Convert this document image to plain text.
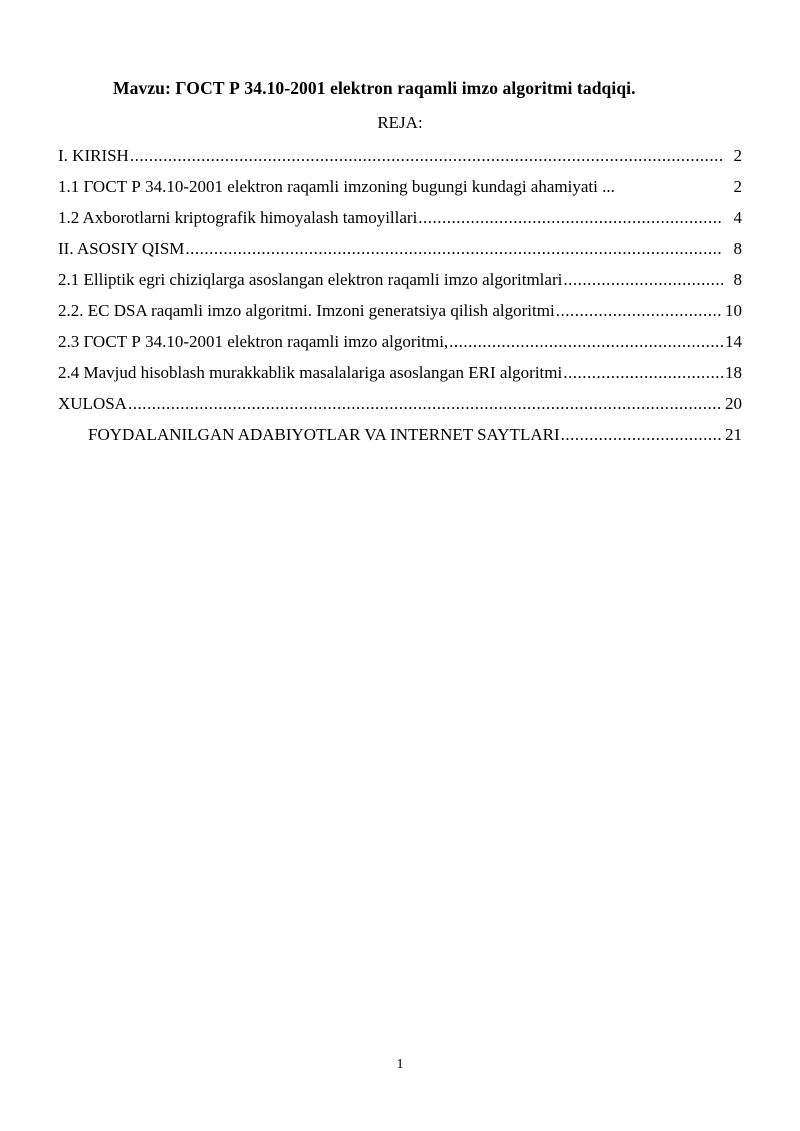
Mavzu: ГОСТ Р 34.10-2001 elektron raqamli imzo algoritmi tadqiqi.
REJA:
I. KIRISH .....	2
1.1 ГОСТ Р 34.10-2001 elektron raqamli imzoning bugungi kundagi ahamiyati ...	2
1.2 Axborotlarni kriptografik himoyalash tamoyillari .....	4
II. ASOSIY QISM .....	8
2.1 Elliptik egri chiziqlarga asoslangan elektron raqamli imzo algoritmlari .....	8
2.2. EC DSA raqamli imzo algoritmi. Imzoni generatsiya qilish algoritmi .....	10
2.3 ГОСТ Р 34.10-2001 elektron raqamli imzo algoritmi, .....	14
2.4 Mavjud hisoblash murakkablik masalalariga asoslangan ERI algoritmi .....	18
XULOSA .....	20
FOYDALANILGAN ADABIYOTLAR VA INTERNET SAYTLARI .....	21
1
